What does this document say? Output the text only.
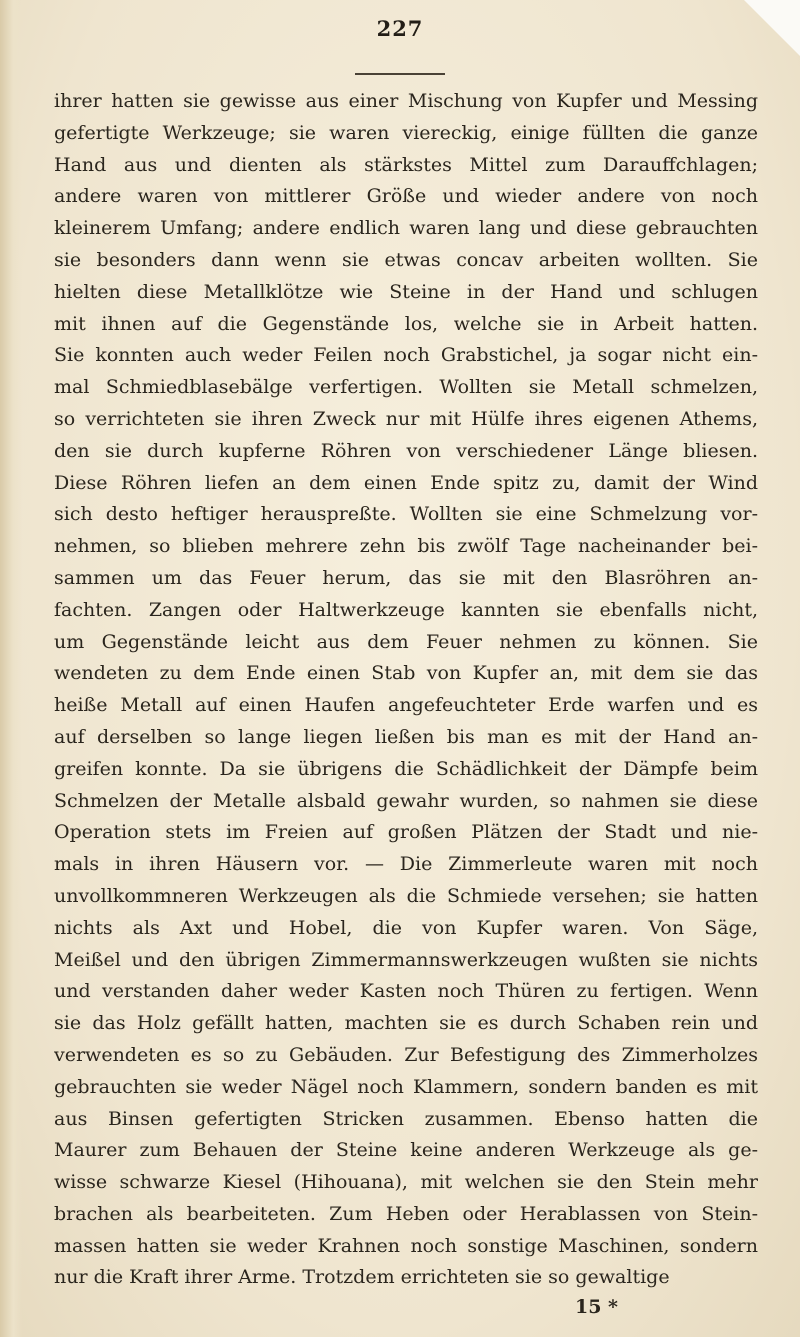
227
ihrer hatten sie gewisse aus einer Mischung von Kupfer und Messing
gefertigte Werkzeuge; sie waren viereckig, einige füllten die ganze
Hand aus und dienten als stärkstes Mittel zum Darauffchlagen;
andere waren von mittlerer Größe und wieder andere von noch
kleinerem Umfang; andere endlich waren lang und diese gebrauchten
sie besonders dann wenn sie etwas concav arbeiten wollten. Sie
hielten diese Metallklötze wie Steine in der Hand und schlugen
mit ihnen auf die Gegenstände los, welche sie in Arbeit hatten.
Sie konnten auch weder Feilen noch Grabstichel, ja sogar nicht ein-
mal Schmiedblasebälge verfertigen. Wollten sie Metall schmelzen,
so verrichteten sie ihren Zweck nur mit Hülfe ihres eigenen Athems,
den sie durch kupferne Röhren von verschiedener Länge bliesen.
Diese Röhren liefen an dem einen Ende spitz zu, damit der Wind
sich desto heftiger herauspreßte. Wollten sie eine Schmelzung vor-
nehmen, so blieben mehrere zehn bis zwölf Tage nacheinander bei-
sammen um das Feuer herum, das sie mit den Blasröhren an-
fachten. Zangen oder Haltwerkzeuge kannten sie ebenfalls nicht,
um Gegenstände leicht aus dem Feuer nehmen zu können. Sie
wendeten zu dem Ende einen Stab von Kupfer an, mit dem sie das
heiße Metall auf einen Haufen angefeuchteter Erde warfen und es
auf derselben so lange liegen ließen bis man es mit der Hand an-
greifen konnte. Da sie übrigens die Schädlichkeit der Dämpfe beim
Schmelzen der Metalle alsbald gewahr wurden, so nahmen sie diese
Operation stets im Freien auf großen Plätzen der Stadt und nie-
mals in ihren Häusern vor. — Die Zimmerleute waren mit noch
unvollkommneren Werkzeugen als die Schmiede versehen; sie hatten
nichts als Axt und Hobel, die von Kupfer waren. Von Säge,
Meißel und den übrigen Zimmermannswerkzeugen wußten sie nichts
und verstanden daher weder Kasten noch Thüren zu fertigen. Wenn
sie das Holz gefällt hatten, machten sie es durch Schaben rein und
verwendeten es so zu Gebäuden. Zur Befestigung des Zimmerholzes
gebrauchten sie weder Nägel noch Klammern, sondern banden es mit
aus Binsen gefertigten Stricken zusammen. Ebenso hatten die
Maurer zum Behauen der Steine keine anderen Werkzeuge als ge-
wisse schwarze Kiesel (Hihouana), mit welchen sie den Stein mehr
brachen als bearbeiteten. Zum Heben oder Herablassen von Stein-
massen hatten sie weder Krahnen noch sonstige Maschinen, sondern
nur die Kraft ihrer Arme. Trotzdem errichteten sie so gewaltige
15 *
